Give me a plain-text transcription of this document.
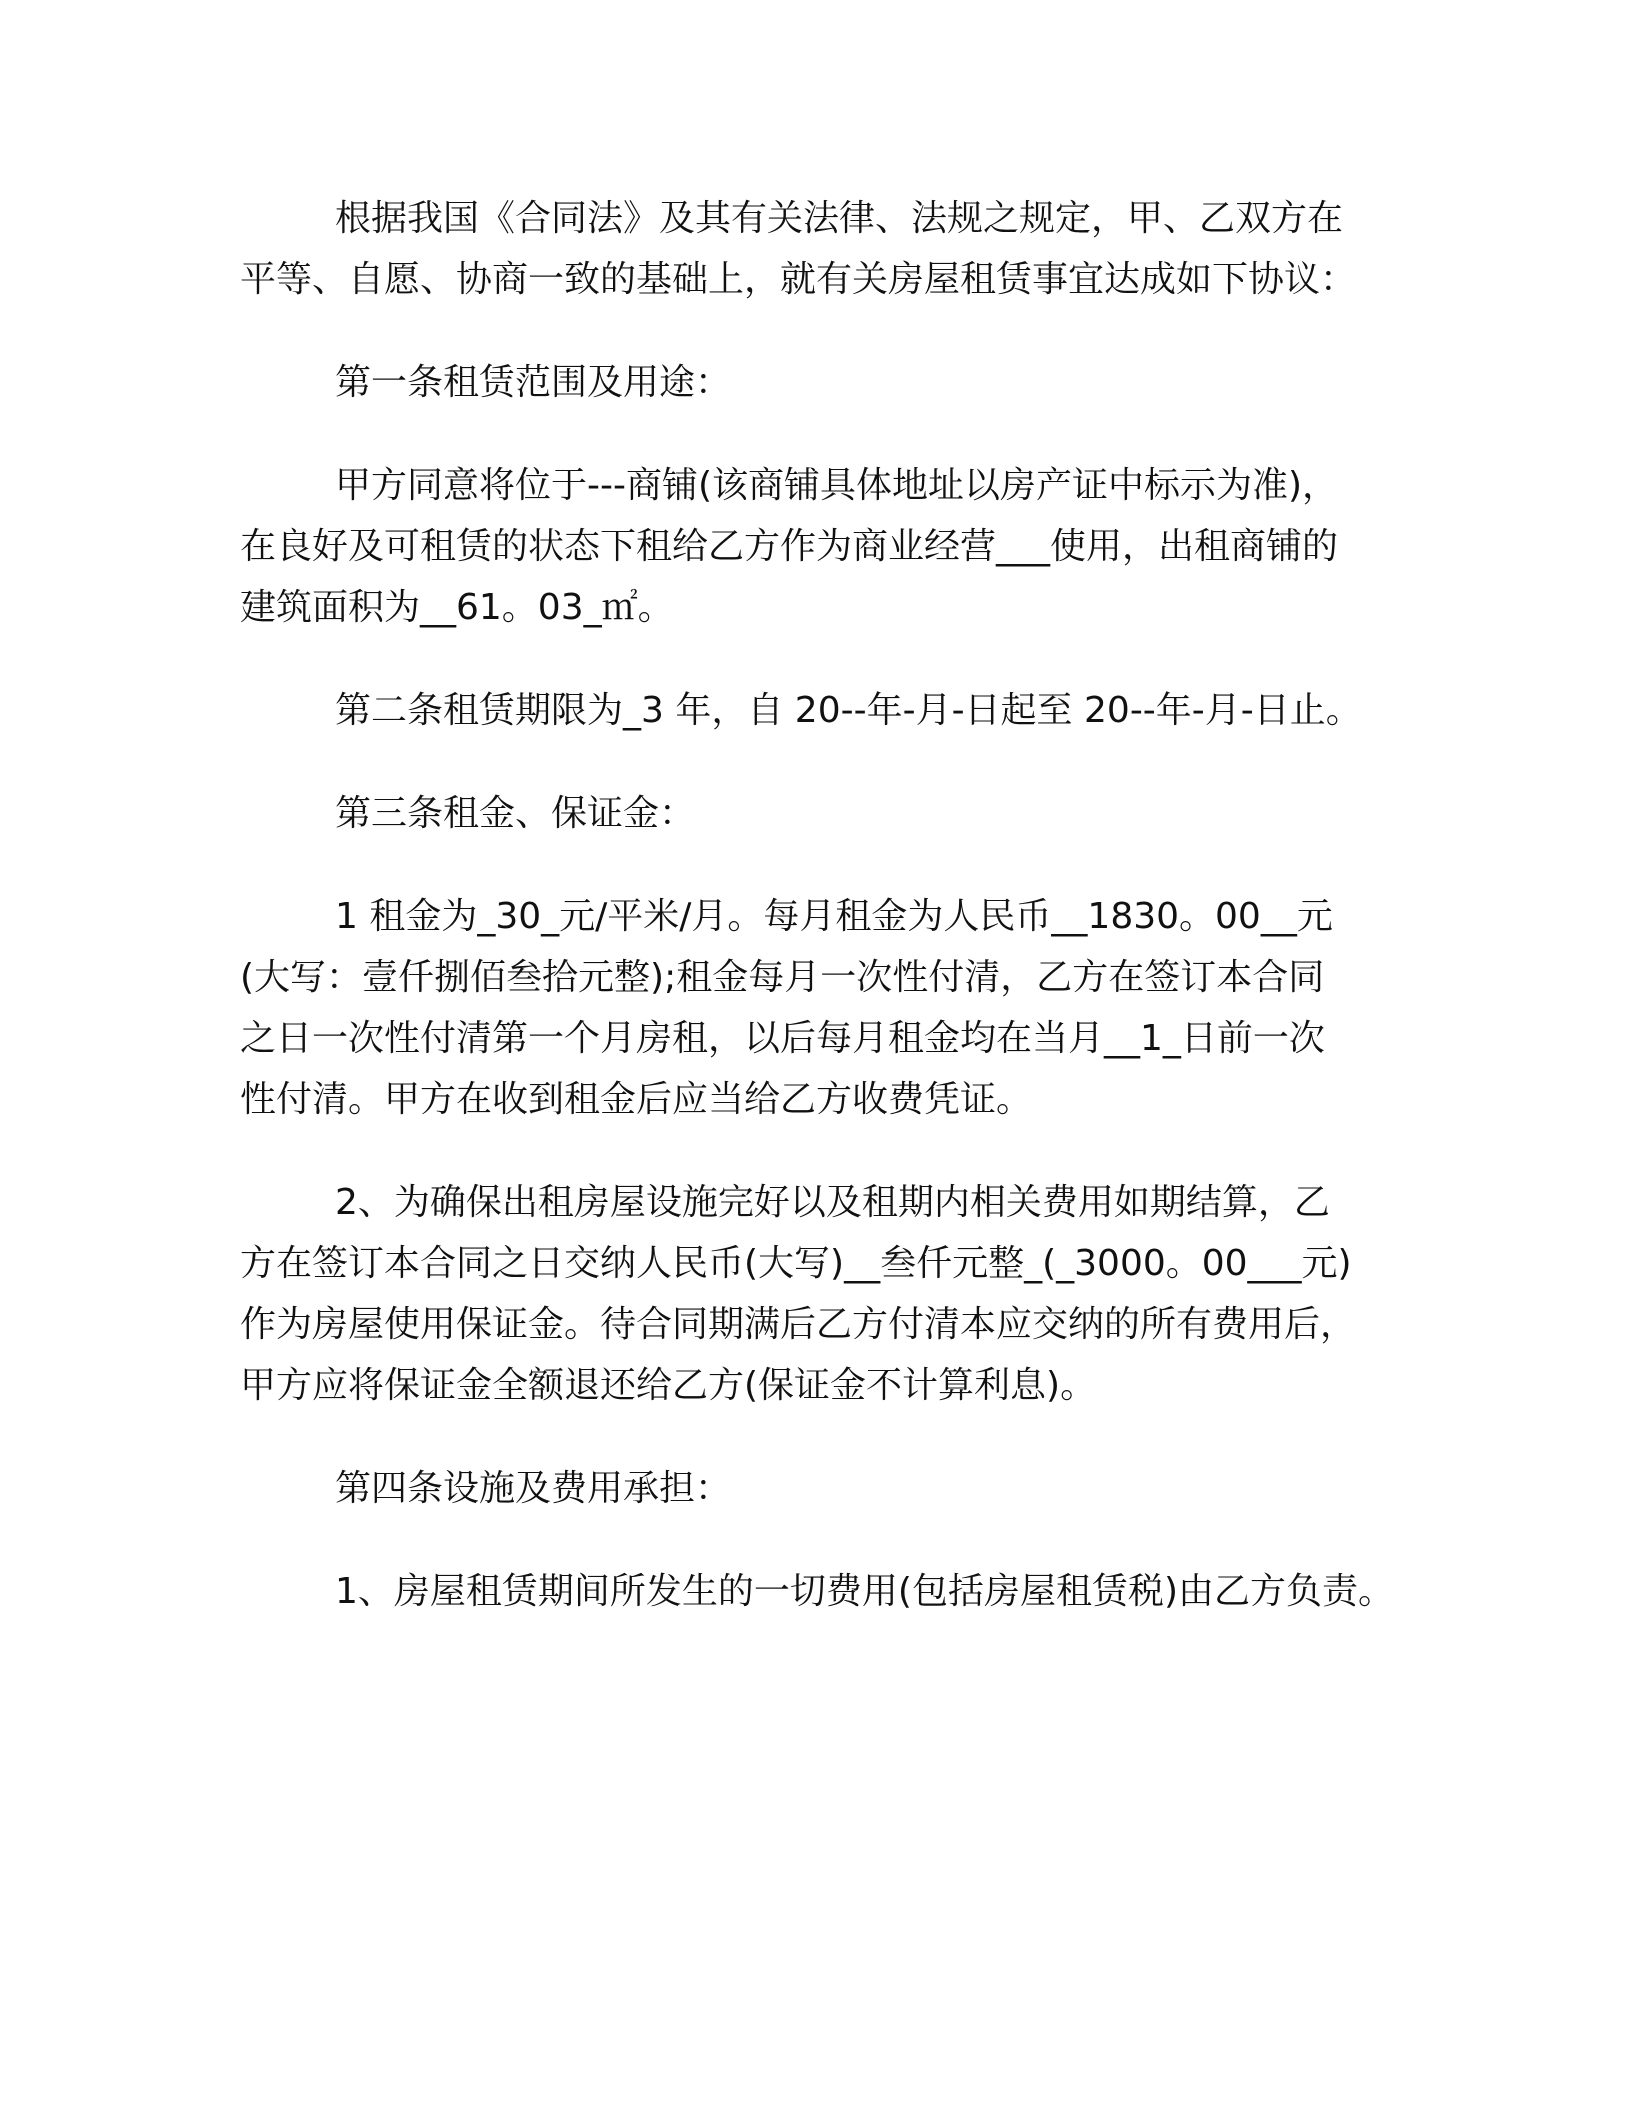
根据我国《合同法》及其有关法律、法规之规定，甲、乙双方在
平等、自愿、协商一致的基础上，就有关房屋租赁事宜达成如下协议：

第一条租赁范围及用途：

甲方同意将位于---商铺(该商铺具体地址以房产证中标示为准)，
在良好及可租赁的状态下租给乙方作为商业经营___使用，出租商铺的
建筑面积为__61。03_㎡。

第二条租赁期限为_3 年，自 20--年-月-日起至 20--年-月-日止。

第三条租金、保证金：

1 租金为_30_元/平米/月。每月租金为人民币__1830。00__元
(大写：壹仟捌佰叁拾元整);租金每月一次性付清，乙方在签订本合同
之日一次性付清第一个月房租，以后每月租金均在当月__1_日前一次
性付清。甲方在收到租金后应当给乙方收费凭证。

2、为确保出租房屋设施完好以及租期内相关费用如期结算，乙
方在签订本合同之日交纳人民币(大写)__叁仟元整_(_3000。00___元)
作为房屋使用保证金。待合同期满后乙方付清本应交纳的所有费用后，
甲方应将保证金全额退还给乙方(保证金不计算利息)。

第四条设施及费用承担：

1、房屋租赁期间所发生的一切费用(包括房屋租赁税)由乙方负责。
